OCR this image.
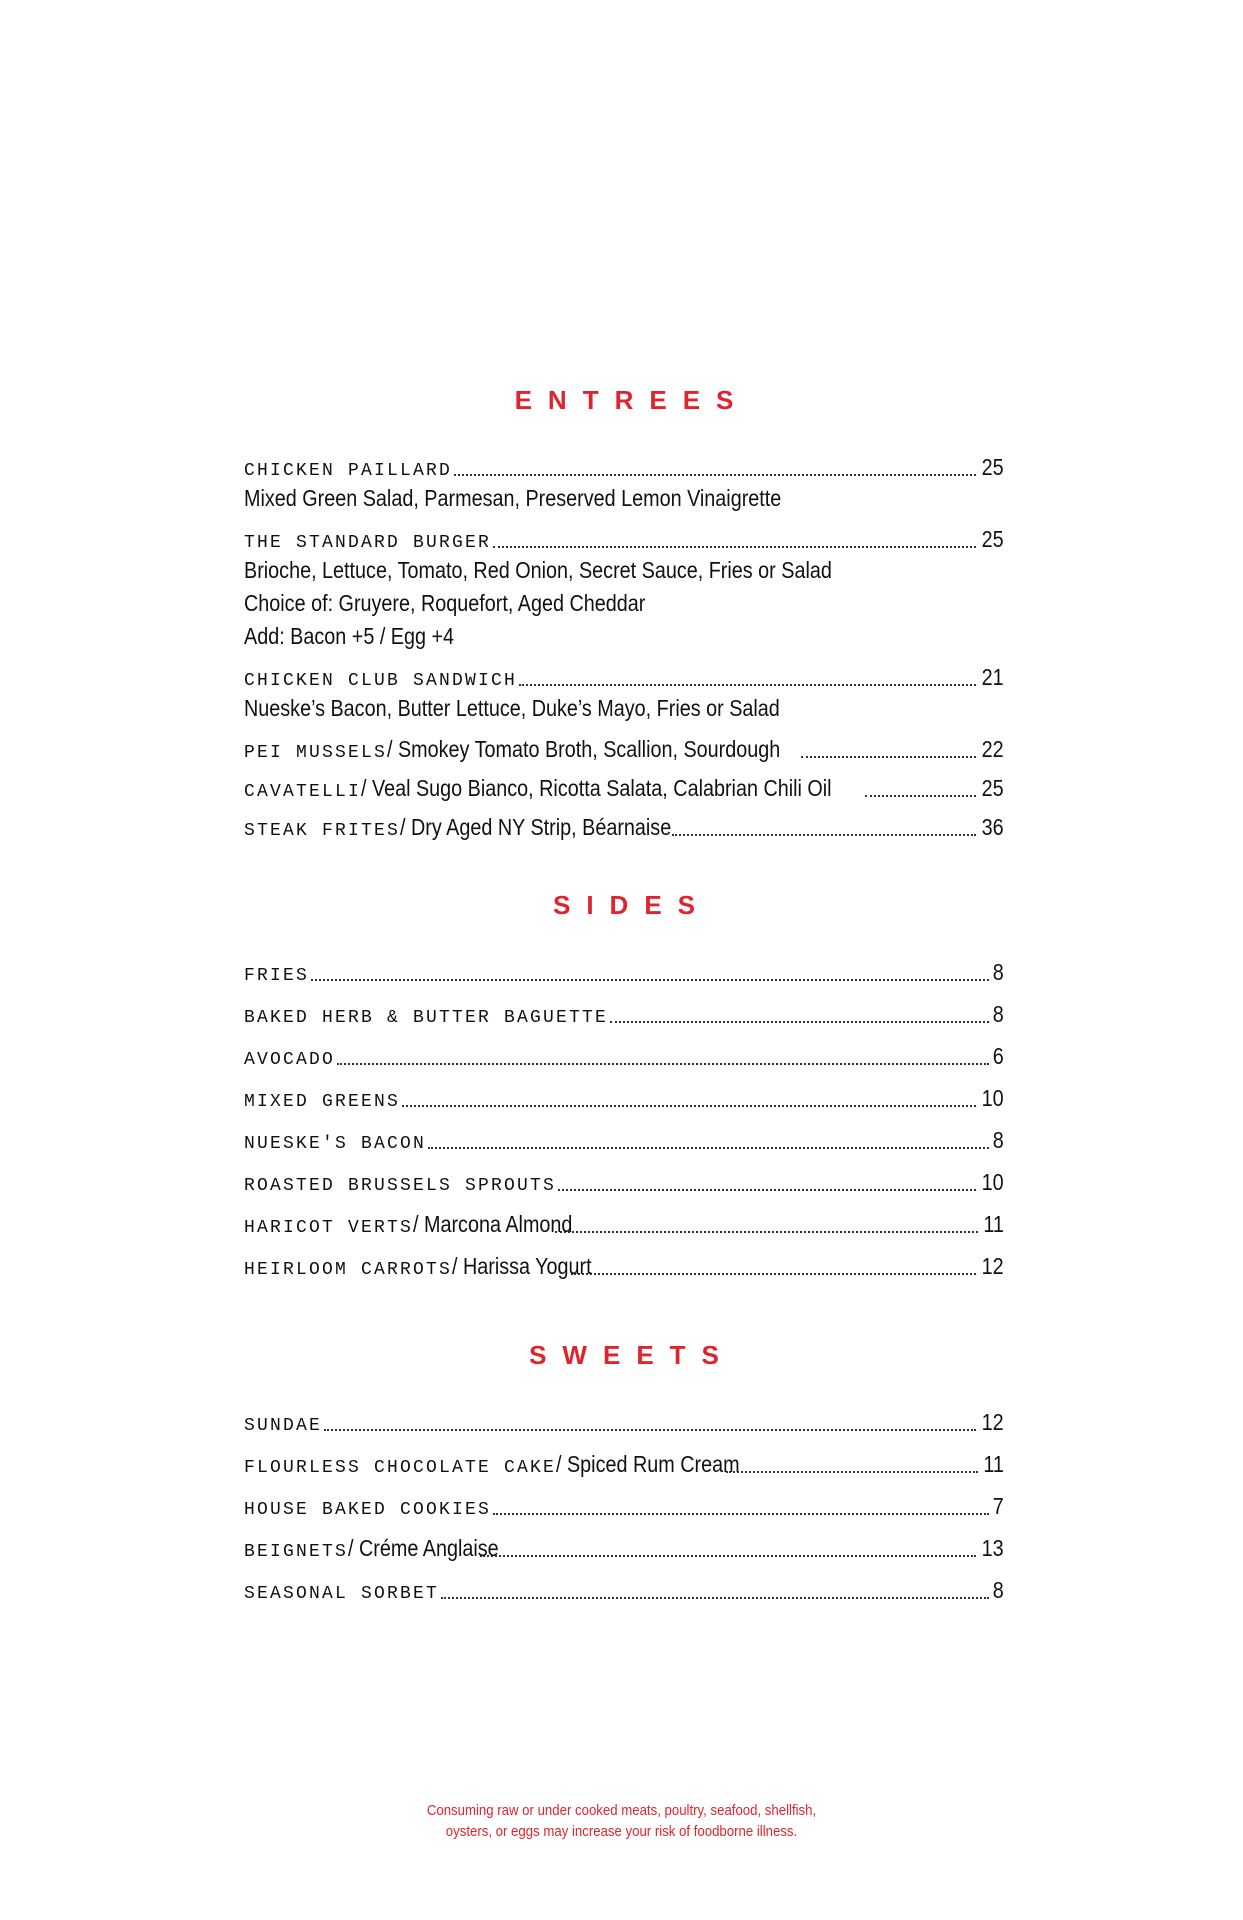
ENTREES
CHICKEN PAILLARD	25
Mixed Green Salad, Parmesan, Preserved Lemon Vinaigrette
THE STANDARD BURGER	25
Brioche, Lettuce, Tomato, Red Onion, Secret Sauce, Fries or Salad
Choice of: Gruyere, Roquefort, Aged Cheddar
Add: Bacon +5 / Egg +4
CHICKEN CLUB SANDWICH	21
Nueske’s Bacon, Butter Lettuce, Duke’s Mayo, Fries or Salad
PEI MUSSELS / Smokey Tomato Broth, Scallion, Sourdough	22
CAVATELLI / Veal Sugo Bianco, Ricotta Salata, Calabrian Chili Oil	25
STEAK FRITES / Dry Aged NY Strip, Béarnaise	36
SIDES
FRIES	8
BAKED HERB & BUTTER BAGUETTE	8
AVOCADO	6
MIXED GREENS	10
NUESKE'S BACON	8
ROASTED BRUSSELS SPROUTS	10
HARICOT VERTS / Marcona Almond	11
HEIRLOOM CARROTS / Harissa Yogurt	12
SWEETS
SUNDAE	12
FLOURLESS CHOCOLATE CAKE / Spiced Rum Cream	11
HOUSE BAKED COOKIES	7
BEIGNETS / Créme Anglaise	13
SEASONAL SORBET	8
Consuming raw or under cooked meats, poultry, seafood, shellfish,
oysters, or eggs may increase your risk of foodborne illness.
